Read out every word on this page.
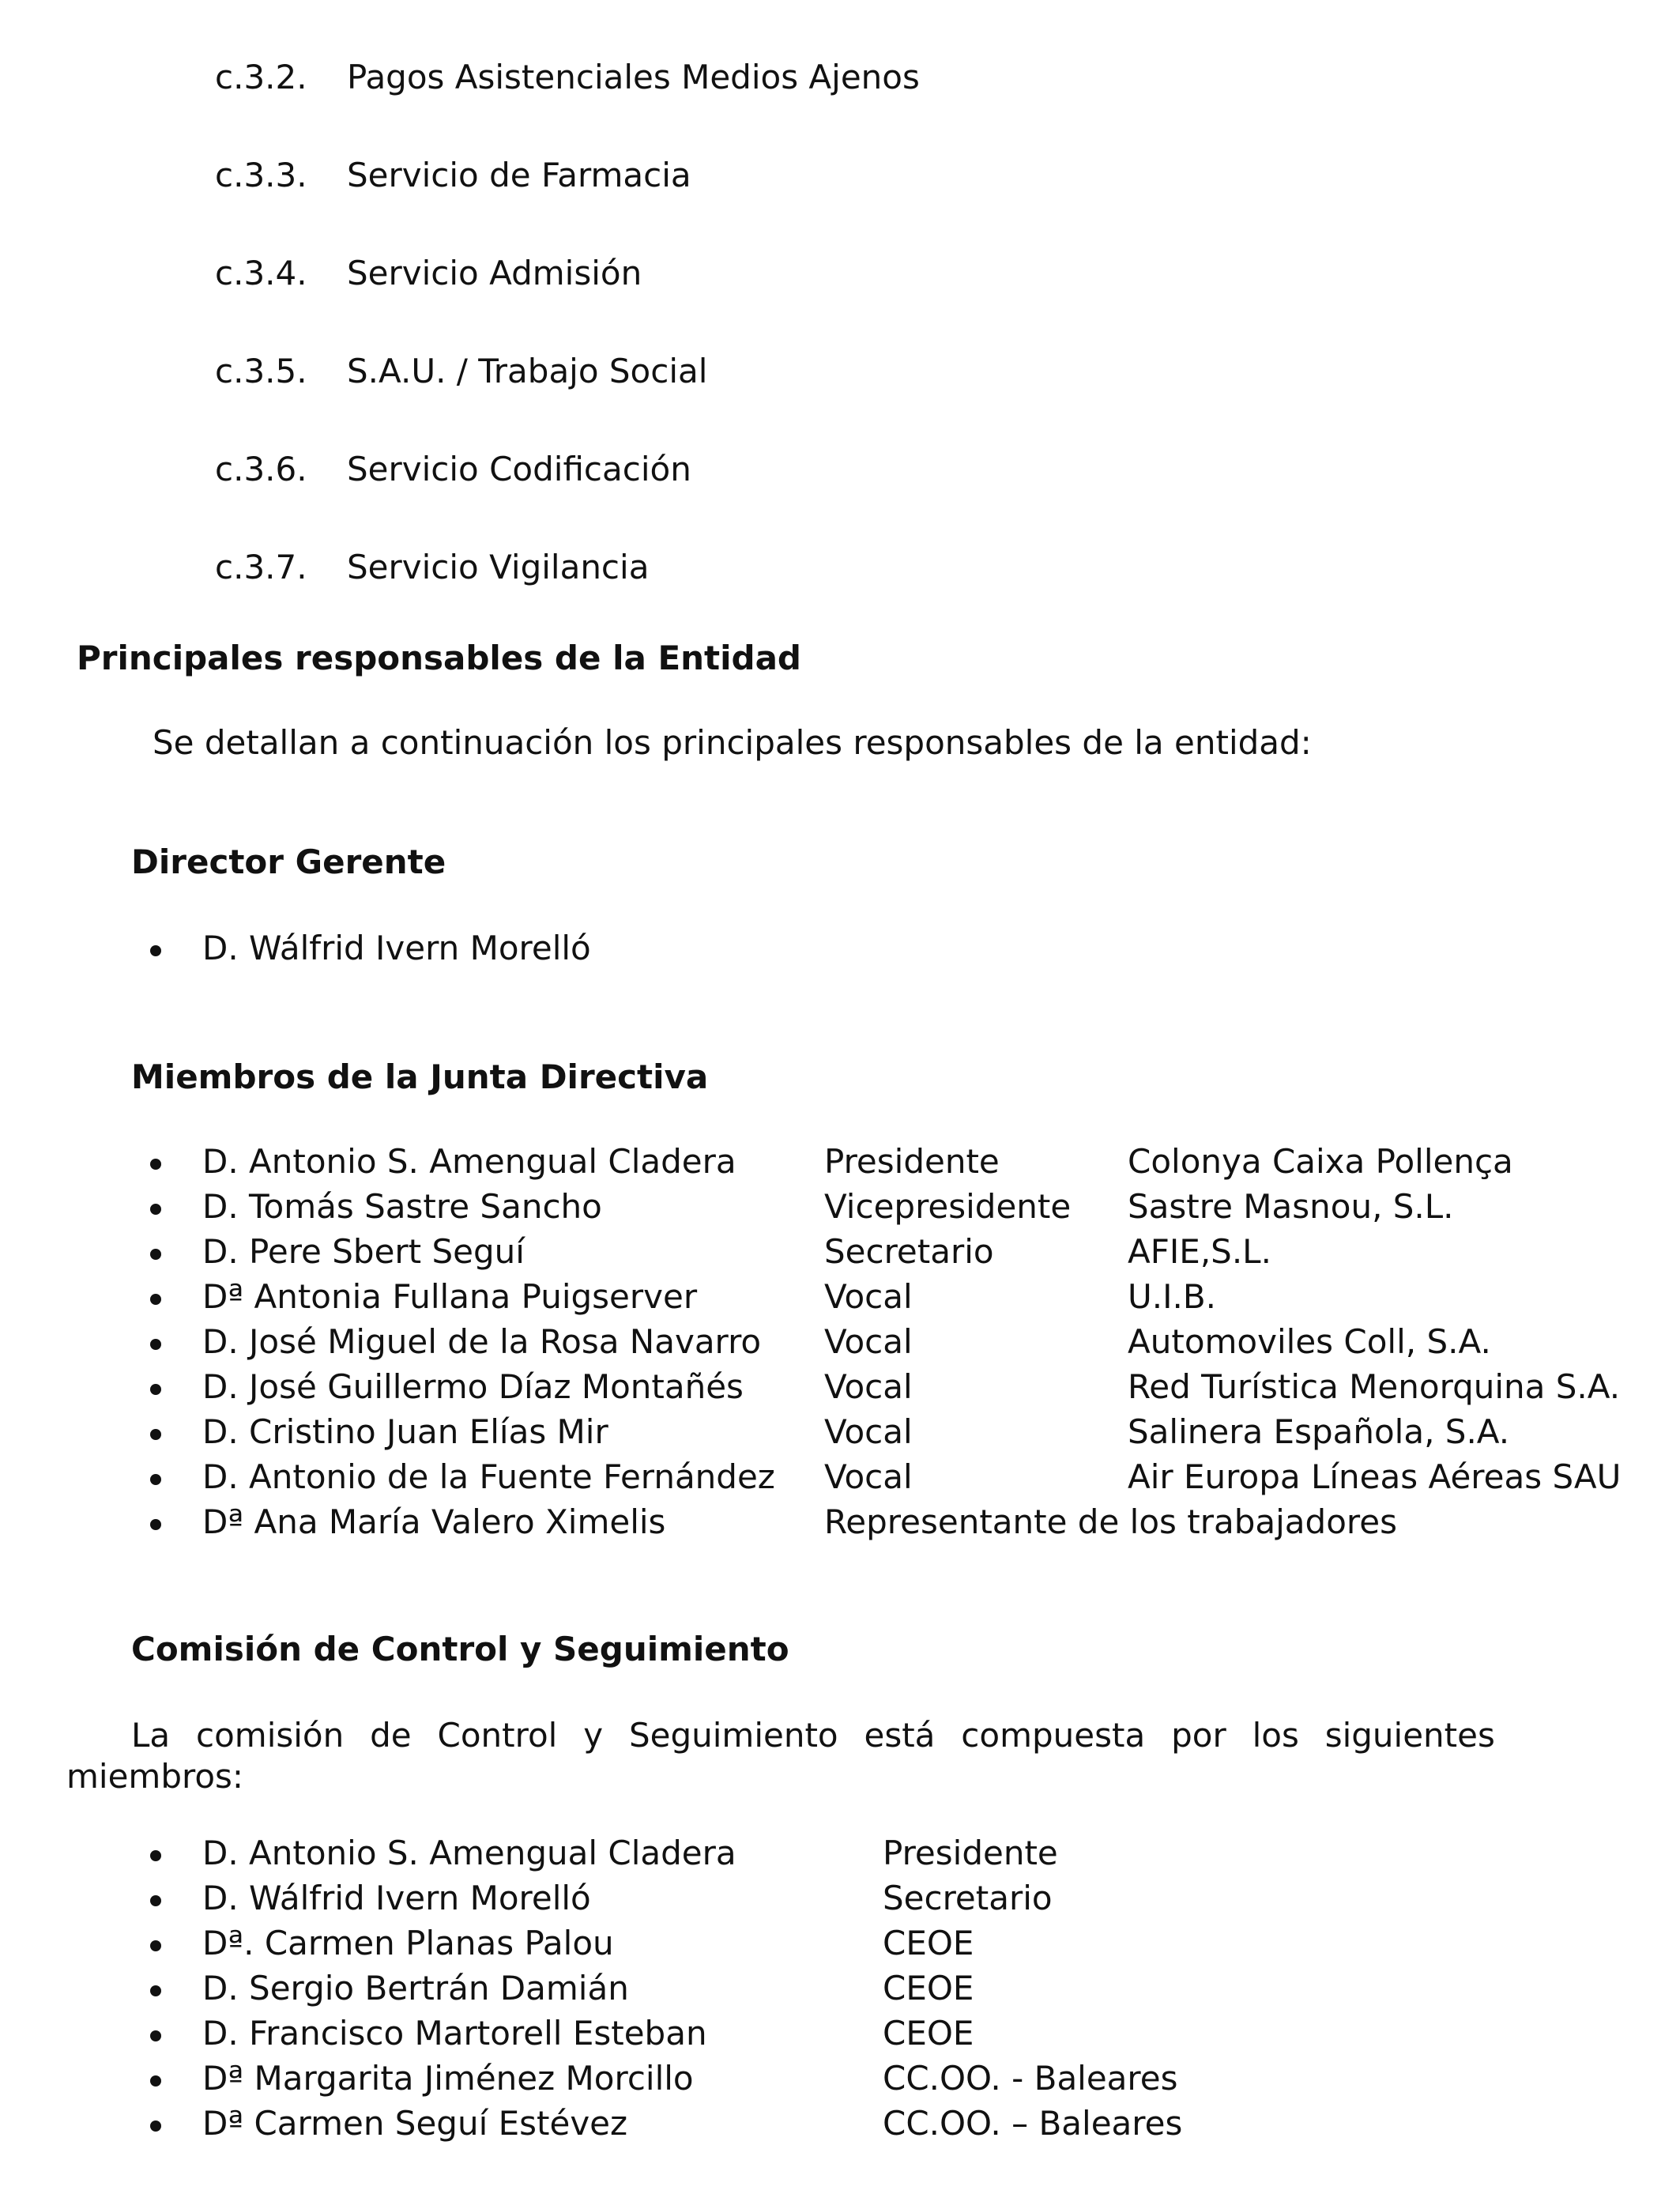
c.3.2. Pagos Asistenciales Medios Ajenos
c.3.3. Servicio de Farmacia
c.3.4. Servicio Admisión
c.3.5. S.A.U. / Trabajo Social
c.3.6. Servicio Codificación
c.3.7. Servicio Vigilancia
Principales responsables de la Entidad
Se detallan a continuación los principales responsables de la entidad:
Director Gerente
D. Wálfrid Ivern Morelló
Miembros de la Junta Directiva
D. Antonio S. Amengual Cladera	Presidente	Colonya Caixa Pollença
D. Tomás Sastre Sancho	Vicepresidente Sastre Masnou, S.L.
D. Pere Sbert Seguí	Secretario	AFIE,S.L.
Dª Antonia Fullana Puigserver	Vocal	U.I.B.
D. José Miguel de la Rosa Navarro Vocal	Automoviles Coll, S.A.
D. José Guillermo Díaz Montañés Vocal	Red Turística Menorquina S.A.
D. Cristino Juan Elías Mir	Vocal	Salinera Española, S.A.
D. Antonio de la Fuente Fernández Vocal	Air Europa Líneas Aéreas SAU
Dª Ana María Valero Ximelis	Representante de los trabajadores
Comisión de Control y Seguimiento
La comisión de Control y Seguimiento está compuesta por los siguientes
miembros:
D. Antonio S. Amengual Cladera	Presidente
D. Wálfrid Ivern Morelló	Secretario
Dª. Carmen Planas Palou	CEOE
D. Sergio Bertrán Damián	CEOE
D. Francisco Martorell Esteban	CEOE
Dª Margarita Jiménez Morcillo	CC.OO. - Baleares
Dª Carmen Seguí Estévez	CC.OO. – Baleares
